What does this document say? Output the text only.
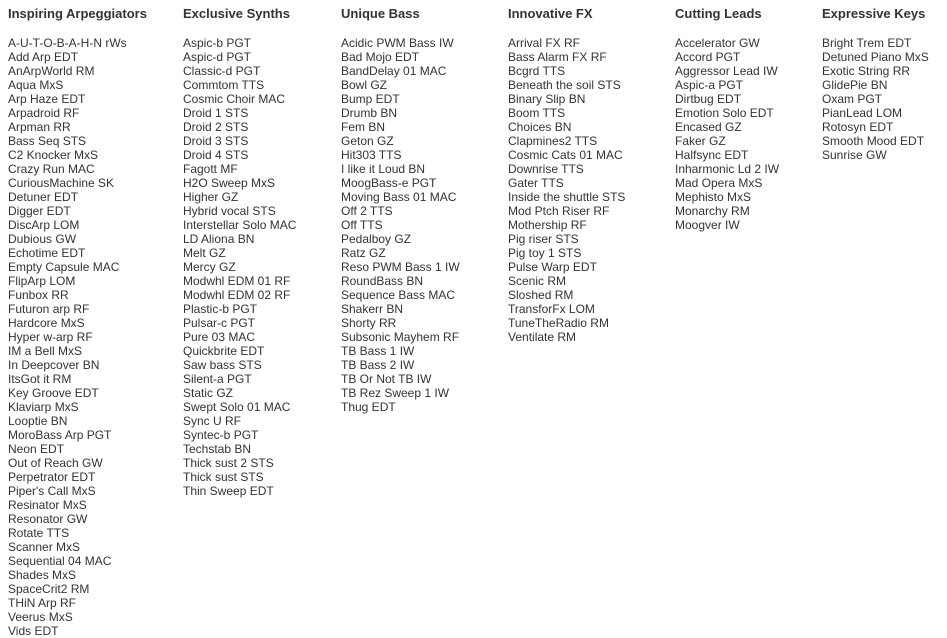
Inspiring Arpeggiators
A-U-T-O-B-A-H-N rWs
Add Arp EDT
AnArpWorld RM
Aqua MxS
Arp Haze EDT
Arpadroid RF
Arpman RR
Bass Seq STS
C2 Knocker MxS
Crazy Run MAC
CuriousMachine SK
Detuner EDT
Digger EDT
DiscArp LOM
Dubious GW
Echotime EDT
Empty Capsule MAC
FlipArp LOM
Funbox RR
Futuron arp RF
Hardcore MxS
Hyper w-arp RF
IM a Bell MxS
In Deepcover BN
ItsGot it RM
Key Groove EDT
Klaviarp MxS
Looptie BN
MoroBass Arp PGT
Neon EDT
Out of Reach GW
Perpetrator EDT
Piper's Call MxS
Resinator MxS
Resonator GW
Rotate TTS
Scanner MxS
Sequential 04 MAC
Shades MxS
SpaceCrit2 RM
THiN Arp RF
Veerus MxS
Vids EDT
Exclusive Synths
Aspic-b PGT
Aspic-d PGT
Classic-d PGT
Commtom TTS
Cosmic Choir MAC
Droid 1 STS
Droid 2 STS
Droid 3 STS
Droid 4 STS
Fagott MF
H2O Sweep MxS
Higher GZ
Hybrid vocal STS
Interstellar Solo MAC
LD Aliona BN
Melt GZ
Mercy GZ
Modwhl EDM 01 RF
Modwhl EDM 02 RF
Plastic-b PGT
Pulsar-c PGT
Pure 03 MAC
Quickbrite EDT
Saw bass STS
Silent-a PGT
Static GZ
Swept Solo 01 MAC
Sync U RF
Syntec-b PGT
Techstab BN
Thick sust 2 STS
Thick sust STS
Thin Sweep EDT
Unique Bass
Acidic PWM Bass IW
Bad Mojo EDT
BandDelay 01 MAC
Bowl GZ
Bump EDT
Drumb BN
Fem BN
Geton GZ
Hit303 TTS
I like it Loud BN
MoogBass-e PGT
Moving Bass 01 MAC
Off 2 TTS
Off TTS
Pedalboy GZ
Ratz GZ
Reso PWM Bass 1 IW
RoundBass BN
Sequence Bass MAC
Shakerr BN
Shorty RR
Subsonic Mayhem RF
TB Bass 1 IW
TB Bass 2 IW
TB Or Not TB IW
TB Rez Sweep 1 IW
Thug EDT
Innovative FX
Arrival FX RF
Bass Alarm FX RF
Bcgrd TTS
Beneath the soil STS
Binary Slip BN
Boom TTS
Choices BN
Clapmines2 TTS
Cosmic Cats 01 MAC
Downrise TTS
Gater TTS
Inside the shuttle STS
Mod Ptch Riser RF
Mothership RF
Pig riser STS
Pig toy 1 STS
Pulse Warp EDT
Scenic RM
Sloshed RM
TransforFx LOM
TuneTheRadio RM
Ventilate RM
Cutting Leads
Accelerator GW
Accord PGT
Aggressor Lead IW
Aspic-a PGT
Dirtbug EDT
Emotion Solo EDT
Encased GZ
Faker GZ
Halfsync EDT
Inharmonic Ld 2 IW
Mad Opera MxS
Mephisto MxS
Monarchy RM
Moogver IW
Expressive Keys
Bright Trem EDT
Detuned Piano MxS
Exotic String RR
GlidePie BN
Oxam PGT
PianLead LOM
Rotosyn EDT
Smooth Mood EDT
Sunrise GW
